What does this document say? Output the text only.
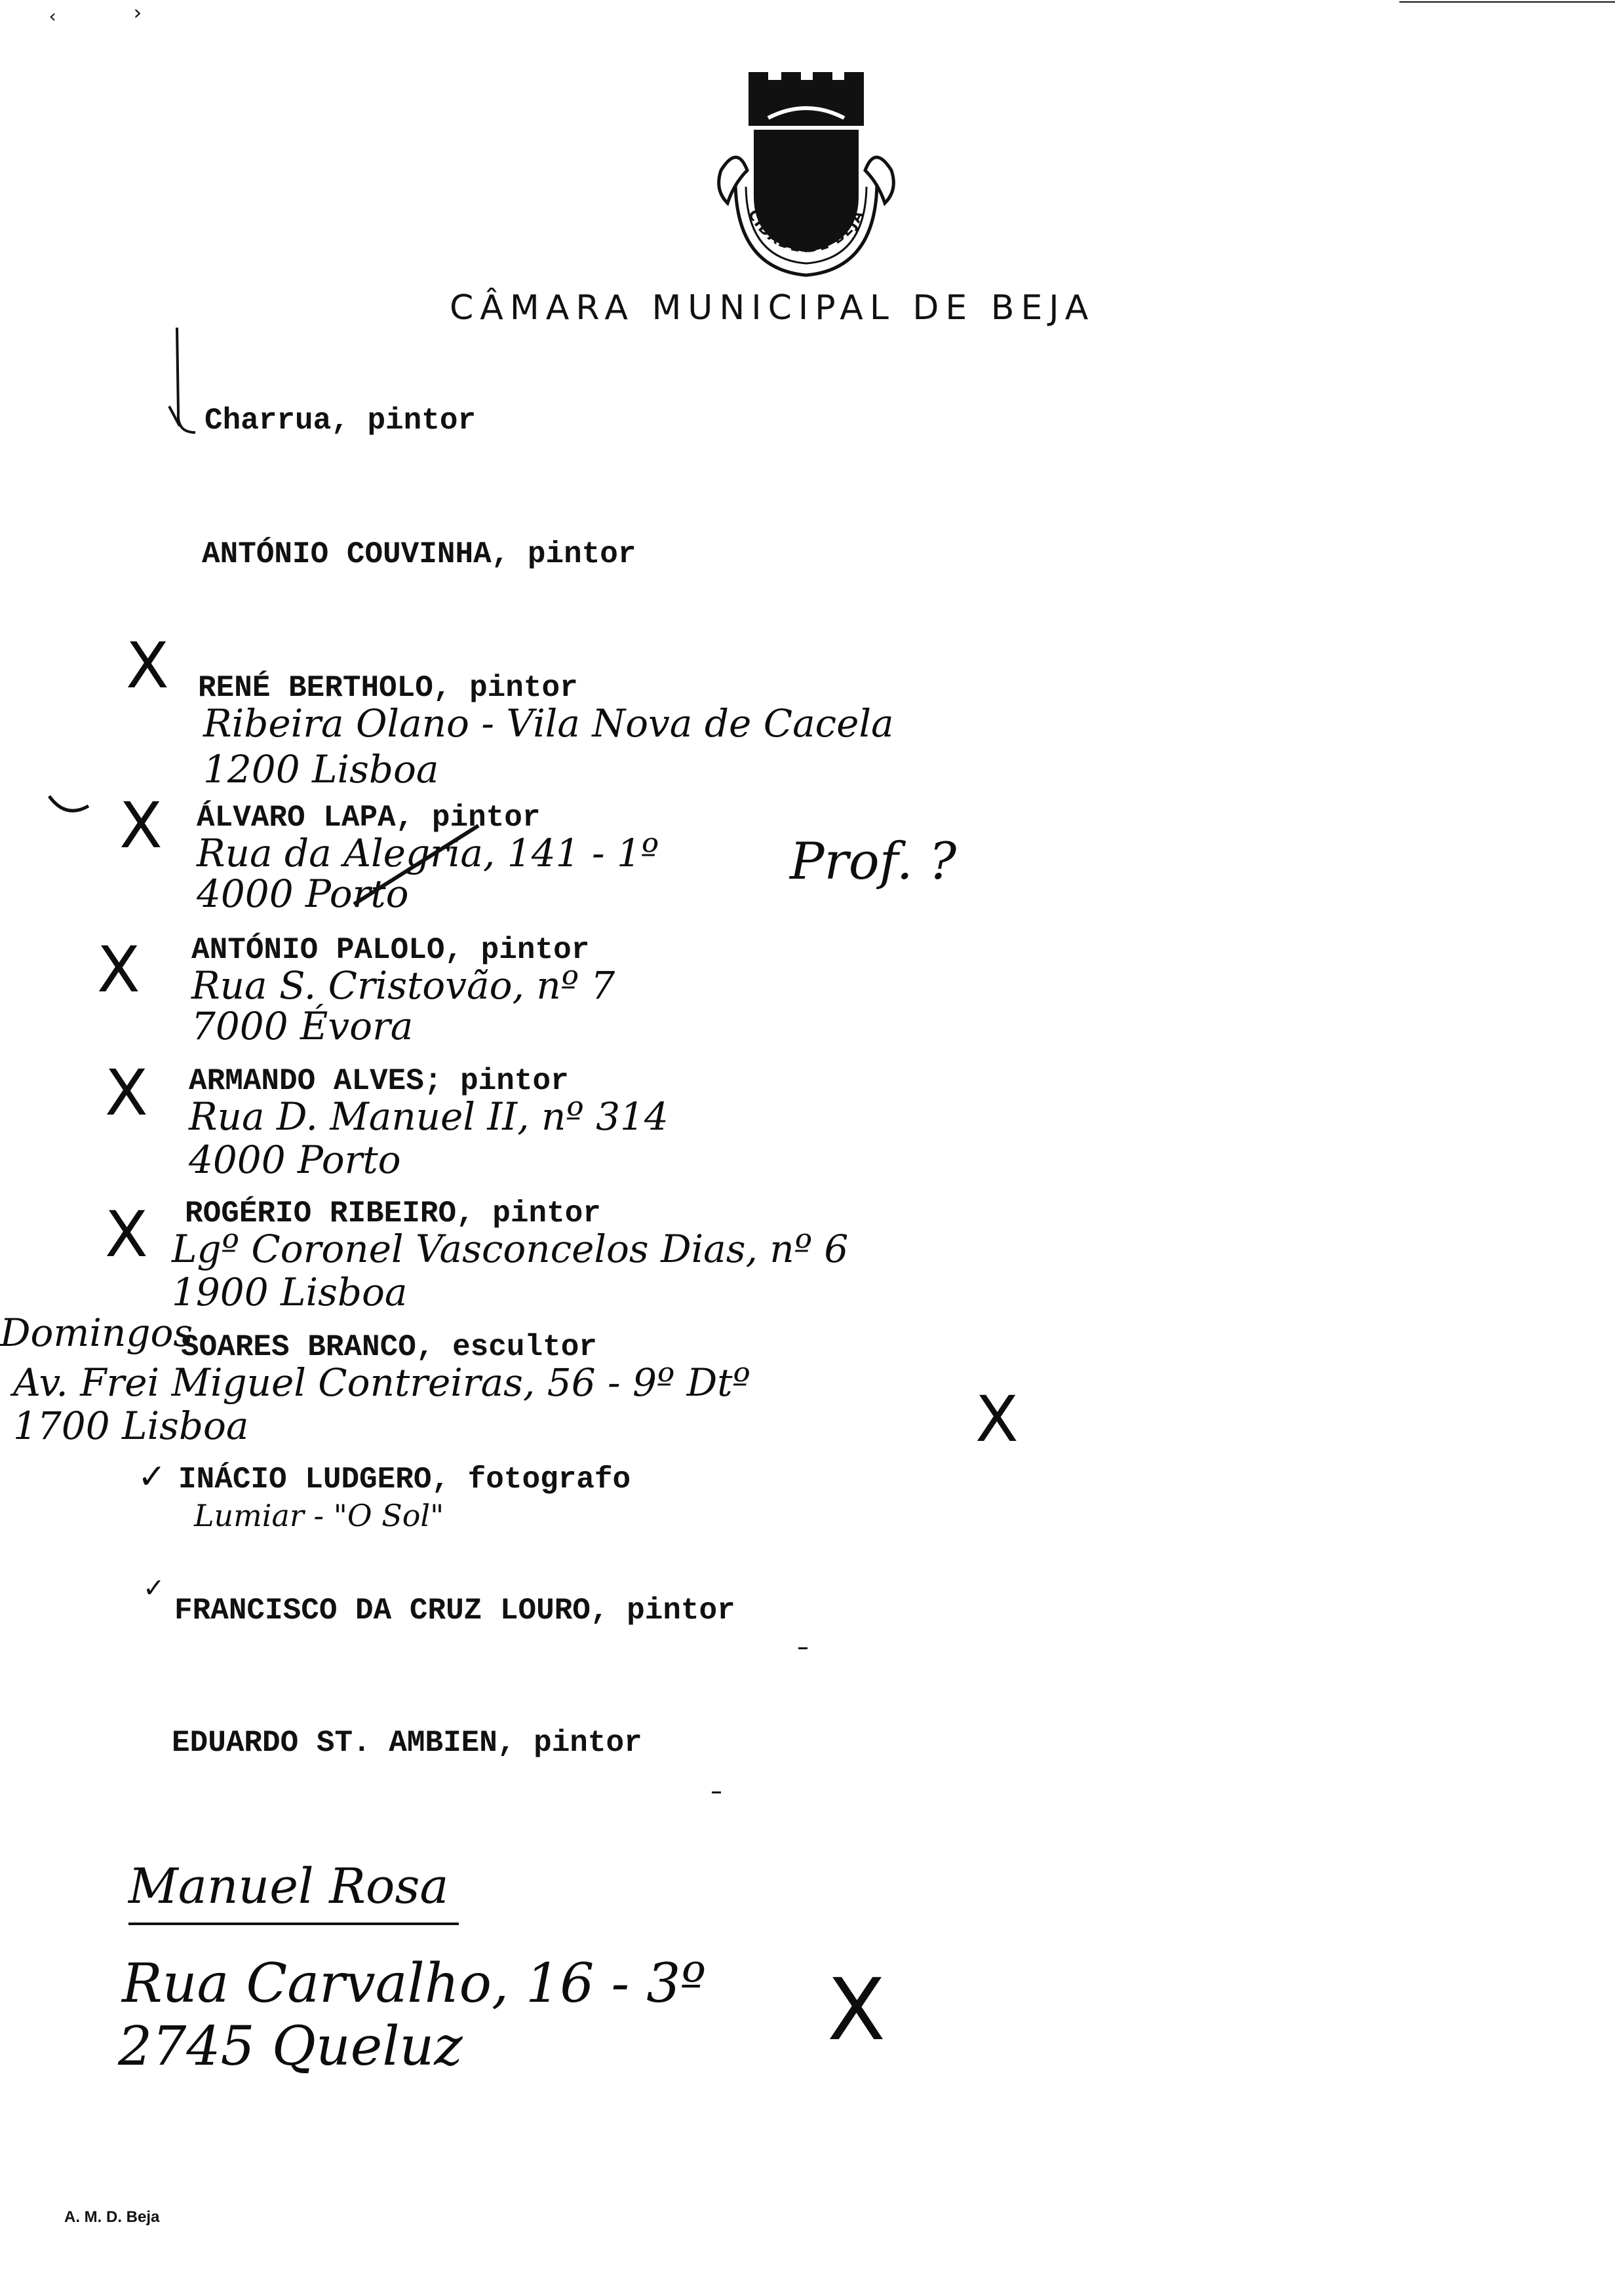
‹	›
CIDADE DE BEJA
CÂMARA MUNICIPAL DE BEJA
Charrua, pintor
ANTÓNIO COUVINHA, pintor
X RENÉ BERTHOLO, pintor
Ribeira Olano - Vila Nova de Cacela
1200 Lisboa
X ÁLVARO LAPA, pintor
Rua da Alegria, 141 - 1º
4000 Porto
Prof. ?
X ANTÓNIO PALOLO, pintor
Rua S. Cristovão, nº 7
7000 Évora
X ARMANDO ALVES; pintor
Rua D. Manuel II, nº 314
4000 Porto
X ROGÉRIO RIBEIRO, pintor
Lgº Coronel Vasconcelos Dias, nº 6
1900 Lisboa
Domingos
SOARES BRANCO, escultor
Av. Frei Miguel Contreiras, 56 - 9º Dtº
1700 Lisboa	X
✓ INÁCIO LUDGERO, fotografo
Lumiar - "O Sol"
✓
FRANCISCO DA CRUZ LOURO, pintor
EDUARDO ST. AMBIEN, pintor
Manuel Rosa
Rua Carvalho, 16 - 3º
2745 Queluz	X
A. M. D. Beja
